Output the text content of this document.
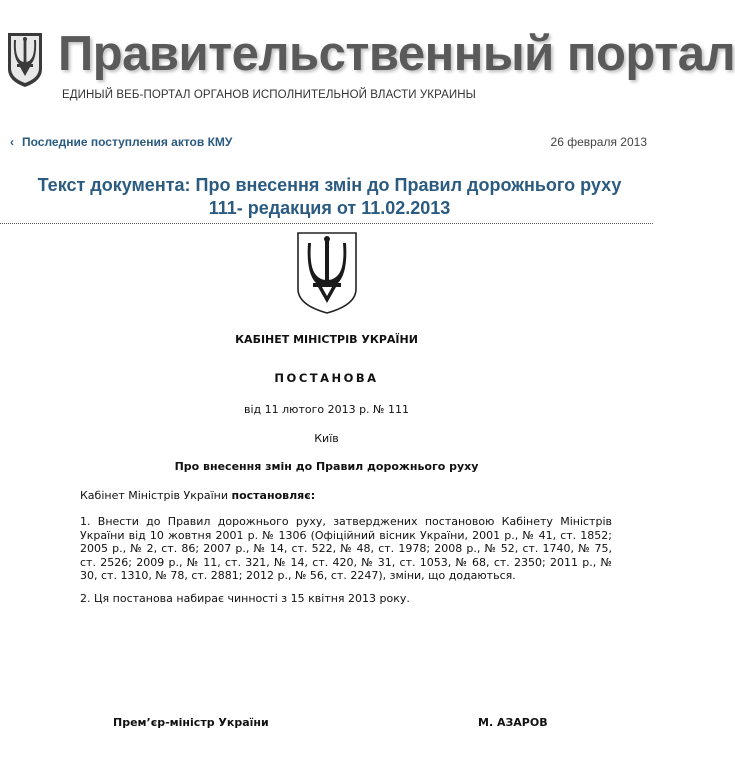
Правительственный портал
ЕДИНЫЙ ВЕБ-ПОРТАЛ ОРГАНОВ ИСПОЛНИТЕЛЬНОЙ ВЛАСТИ УКРАИНЫ
‹ Последние поступления актов КМУ	26 февраля 2013
Текст документа: Про внесення змін до Правил дорожнього руху
111- редакция от 11.02.2013
КАБІНЕТ МІНІСТРІВ УКРАЇНИ
ПОСТАНОВА
від 11 лютого 2013 р. № 111
Київ
Про внесення змін до Правил дорожнього руху
Кабінет Міністрів України постановляє:
1. Внести до Правил дорожнього руху, затверджених постановою Кабінету Міністрів України від 10 жовтня 2001 р. № 1306 (Офіційний вісник України, 2001 р., № 41, ст. 1852; 2005 р., № 2, ст. 86; 2007 р., № 14, ст. 522, № 48, ст. 1978; 2008 р., № 52, ст. 1740, № 75, ст. 2526; 2009 р., № 11, ст. 321, № 14, ст. 420, № 31, ст. 1053, № 68, ст. 2350; 2011 р., № 30, ст. 1310, № 78, ст. 2881; 2012 р., № 56, ст. 2247), зміни, що додаються.
2. Ця постанова набирає чинності з 15 квітня 2013 року.
Прем’єр-міністр України	М. АЗАРОВ
